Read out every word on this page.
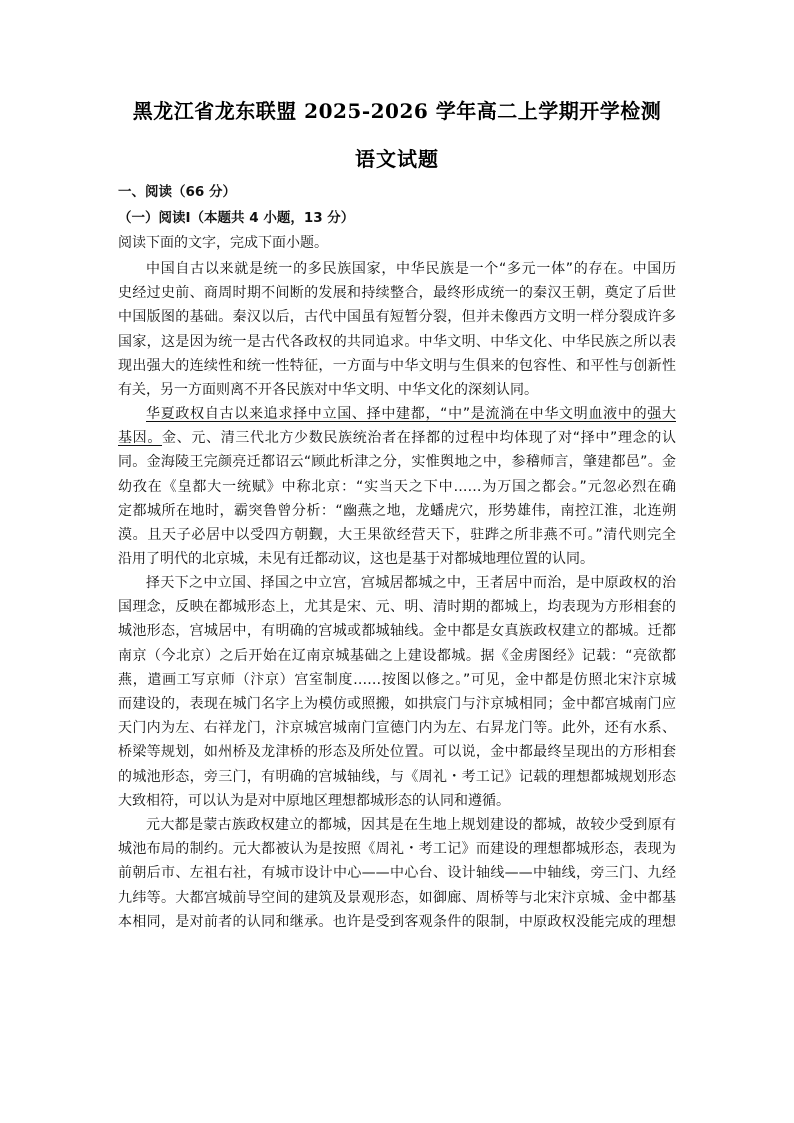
黑龙江省龙东联盟 2025-2026 学年高二上学期开学检测
语文试题
一、阅读（66 分）
（一）阅读Ⅰ（本题共 4 小题，13 分）
阅读下面的文字，完成下面小题。
中国自古以来就是统一的多民族国家，中华民族是一个“多元一体”的存在。中国历
史经过史前、商周时期不间断的发展和持续整合，最终形成统一的秦汉王朝，奠定了后世
中国版图的基础。秦汉以后，古代中国虽有短暂分裂，但并未像西方文明一样分裂成许多
国家，这是因为统一是古代各政权的共同追求。中华文明、中华文化、中华民族之所以表
现出强大的连续性和统一性特征，一方面与中华文明与生俱来的包容性、和平性与创新性
有关，另一方面则离不开各民族对中华文明、中华文化的深刻认同。
华夏政权自古以来追求择中立国、择中建都，“中”是流淌在中华文明血液中的强大
基因。金、元、清三代北方少数民族统治者在择都的过程中均体现了对“择中”理念的认
同。金海陵王完颜亮迁都诏云“顾此析津之分，实惟舆地之中，参稽师言，肇建都邑”。金
幼孜在《皇都大一统赋》中称北京：“实当天之下中……为万国之都会。”元忽必烈在确
定都城所在地时，霸突鲁曾分析：“幽燕之地，龙蟠虎穴，形势雄伟，南控江淮，北连朔
漠。且天子必居中以受四方朝觐，大王果欲经营天下，驻跸之所非燕不可。”清代则完全
沿用了明代的北京城，未见有迁都动议，这也是基于对都城地理位置的认同。
择天下之中立国、择国之中立宫，宫城居都城之中，王者居中而治，是中原政权的治
国理念，反映在都城形态上，尤其是宋、元、明、清时期的都城上，均表现为方形相套的
城池形态，宫城居中，有明确的宫城或都城轴线。金中都是女真族政权建立的都城。迁都
南京（今北京）之后开始在辽南京城基础之上建设都城。据《金虏图经》记载：“亮欲都
燕，遣画工写京师（汴京）宫室制度……按图以修之。”可见，金中都是仿照北宋汴京城
而建设的，表现在城门名字上为模仿或照搬，如拱宸门与汴京城相同；金中都宫城南门应
天门内为左、右祥龙门，汴京城宫城南门宣德门内为左、右昇龙门等。此外，还有水系、
桥梁等规划，如州桥及龙津桥的形态及所处位置。可以说，金中都最终呈现出的方形相套
的城池形态，旁三门，有明确的宫城轴线，与《周礼・考工记》记载的理想都城规划形态
大致相符，可以认为是对中原地区理想都城形态的认同和遵循。
元大都是蒙古族政权建立的都城，因其是在生地上规划建设的都城，故较少受到原有
城池布局的制约。元大都被认为是按照《周礼・考工记》而建设的理想都城形态，表现为
前朝后市、左祖右社，有城市设计中心——中心台、设计轴线——中轴线，旁三门、九经
九纬等。大都宫城前导空间的建筑及景观形态，如御廊、周桥等与北宋汴京城、金中都基
本相同，是对前者的认同和继承。也许是受到客观条件的限制，中原政权没能完成的理想
